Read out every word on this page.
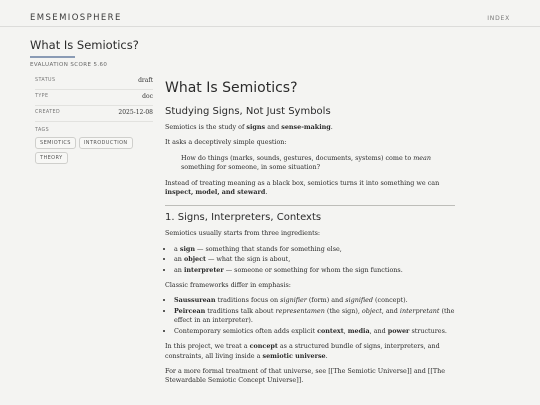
EMSEMIOSPHERE	INDEX
What Is Semiotics?
EVALUATION SCORE 5.60
STATUS	draft
TYPE	doc
CREATED	2025-12-08
TAGS
SEMIOTICS	INTRODUCTION
THEORY
What Is Semiotics?
Studying Signs, Not Just Symbols

Semiotics is the study of signs and sense-making.

It asks a deceptively simple question:

How do things (marks, sounds, gestures, documents, systems) come to mean something for someone, in some situation?

Instead of treating meaning as a black box, semiotics turns it into something we can inspect, model, and steward.

1. Signs, Interpreters, Contexts

Semiotics usually starts from three ingredients:

• a sign — something that stands for something else,
• an object — what the sign is about,
• an interpreter — someone or something for whom the sign functions.

Classic frameworks differ in emphasis:

• Saussurean traditions focus on signifier (form) and signified (concept).
• Peircean traditions talk about representamen (the sign), object, and interpretant (the effect in an interpreter).
• Contemporary semiotics often adds explicit context, media, and power structures.

In this project, we treat a concept as a structured bundle of signs, interpreters, and constraints, all living inside a semiotic universe.

For a more formal treatment of that universe, see [[The Semiotic Universe]] and [[The Stewardable Semiotic Concept Universe]].
